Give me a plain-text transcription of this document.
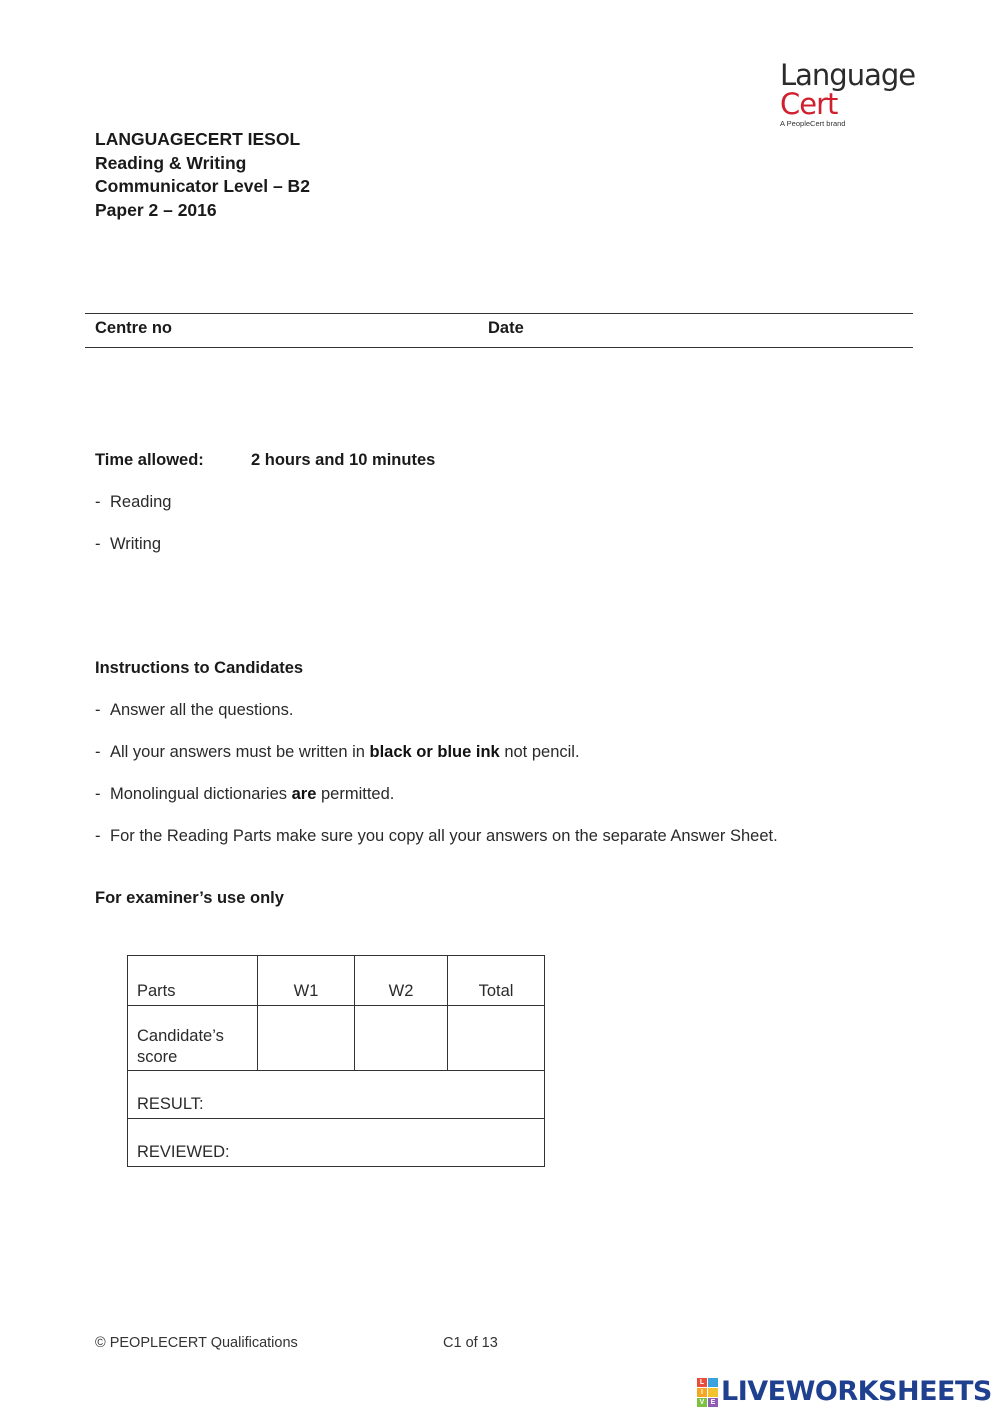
Language
Cert
A PeopleCert brand
LANGUAGECERT IESOL
Reading & Writing
Communicator Level – B2
Paper 2 – 2016
Centre no	Date
Time allowed:	2 hours and 10 minutes
- Reading
- Writing
Instructions to Candidates
- Answer all the questions.
- All your answers must be written in black or blue ink not pencil.
- Monolingual dictionaries are permitted.
- For the Reading Parts make sure you copy all your answers on the separate Answer Sheet.
For examiner’s use only
Parts	W1	W2	Total

Candidate’s
score			

RESULT:			
REVIEWED:			
© PEOPLECERT Qualifications	C1 of 13
L
I
V E LIVEWORKSHEETS
